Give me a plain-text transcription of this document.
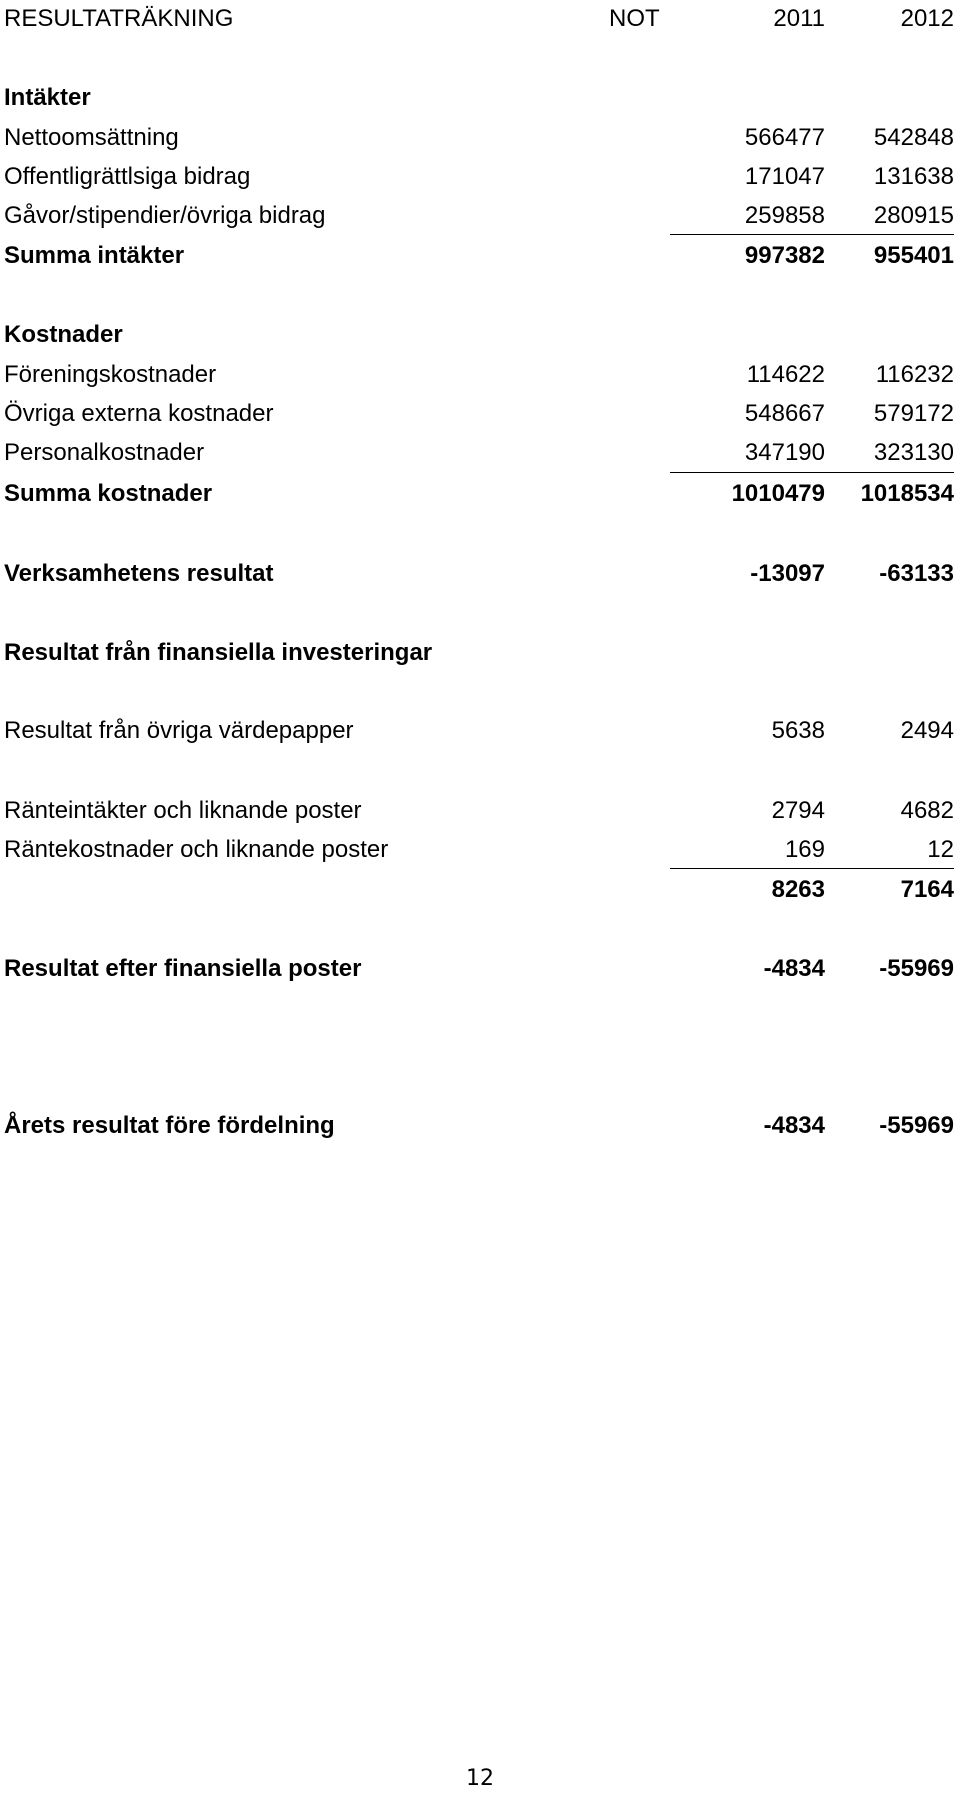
RESULTATRÄKNING	NOT	2011	2012
Intäkter
Nettoomsättning	566477 542848
Offentligrättlsiga bidrag	171047 131638
Gåvor/stipendier/övriga bidrag	259858 280915
Summa intäkter	997382 955401
Kostnader
Föreningskostnader	114622 116232
Övriga externa kostnader	548667 579172
Personalkostnader	347190 323130
Summa kostnader	1010479 1018534
Verksamhetens resultat	-13097 -63133
Resultat från finansiella investeringar
Resultat från övriga värdepapper	5638	2494
Ränteintäkter och liknande poster	2794	4682
Räntekostnader och liknande poster	169	12
8263	7164
Resultat efter finansiella poster	-4834 -55969
Årets resultat före fördelning	-4834 -55969
12
